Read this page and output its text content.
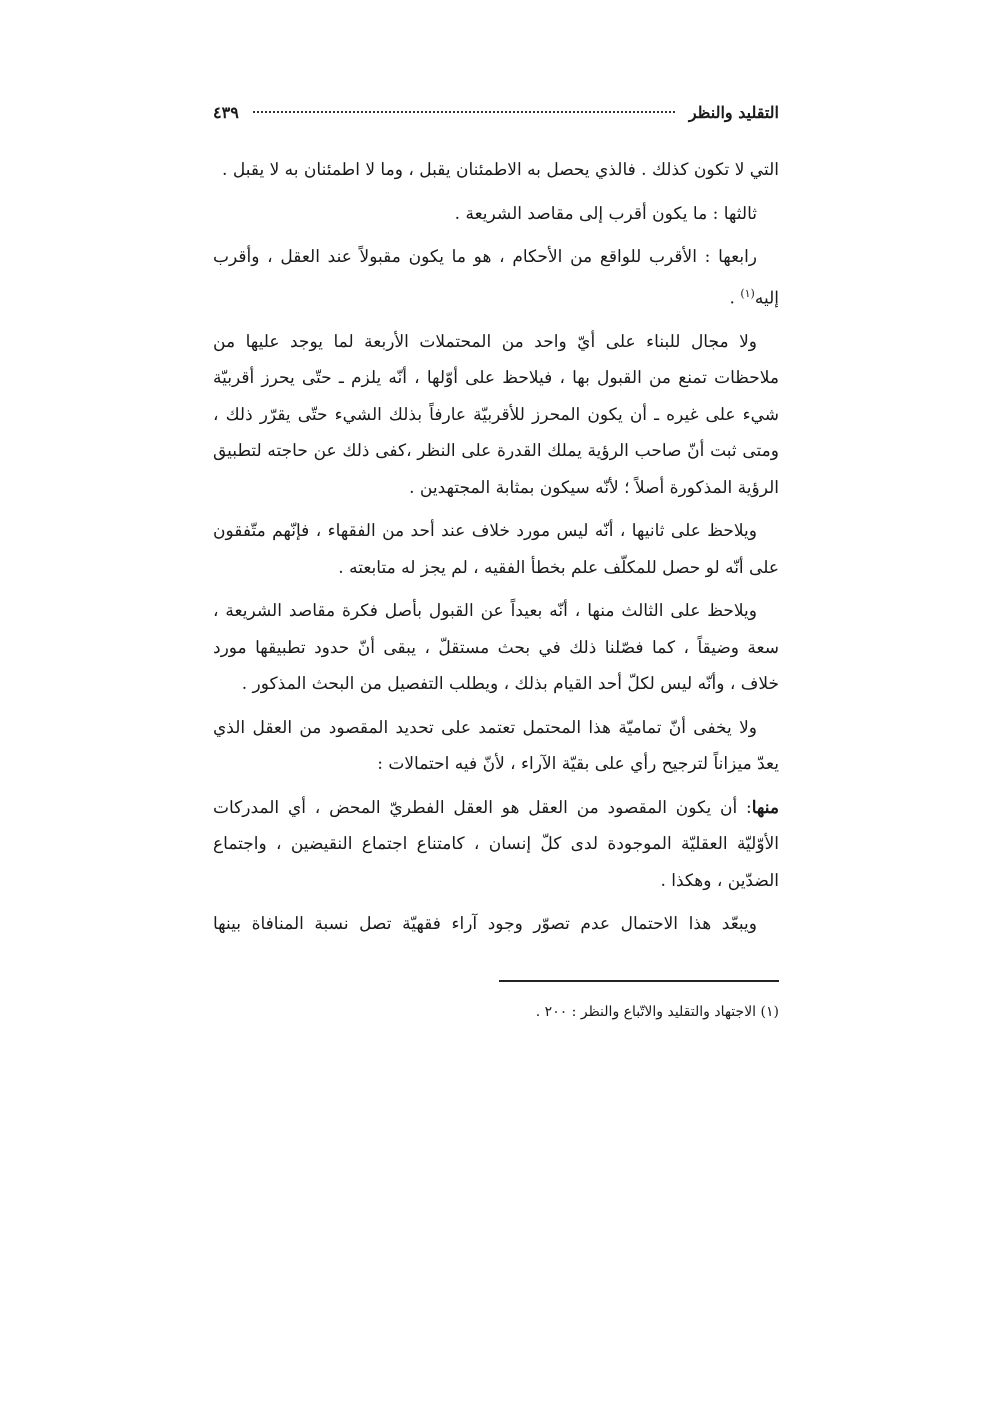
التقليد والنظر
٤٣٩

التي لا تكون كذلك . فالذي يحصل به الاطمئنان يقبل ، وما لا اطمئنان به لا يقبل .

ثالثها : ما يكون أقرب إلى مقاصد الشريعة .

رابعها : الأقرب للواقع من الأحكام ، هو ما يكون مقبولاً عند العقل ، وأقرب إليه$^{(١)}$ .

ولا مجال للبناء على أيّ واحد من المحتملات الأربعة لما يوجد عليها من ملاحظات تمنع من القبول بها ، فيلاحظ على أوّلها ، أنّه يلزم ـ حتّى يحرز أقربيّة شيء على غيره ـ أن يكون المحرز للأقربيّة عارفاً بذلك الشيء حتّى يقرّر ذلك ، ومتى ثبت أنّ صاحب الرؤية يملك القدرة على النظر ،كفى ذلك عن حاجته لتطبيق الرؤية المذكورة أصلاً ؛ لأنّه سيكون بمثابة المجتهدين .

ويلاحظ على ثانيها ، أنّه ليس مورد خلاف عند أحد من الفقهاء ، فإنّهم متّفقون على أنّه لو حصل للمكلّف علم بخطأ الفقيه ، لم يجز له متابعته .

ويلاحظ على الثالث منها ، أنّه بعيداً عن القبول بأصل فكرة مقاصد الشريعة ، سعة وضيقاً ، كما فصّلنا ذلك في بحث مستقلّ ، يبقى أنّ حدود تطبيقها مورد خلاف ، وأنّه ليس لكلّ أحد القيام بذلك ، ويطلب التفصيل من البحث المذكور .

ولا يخفى أنّ تماميّة هذا المحتمل تعتمد على تحديد المقصود من العقل الذي يعدّ ميزاناً لترجيح رأي على بقيّة الآراء ، لأنّ فيه احتمالات :

منها: أن يكون المقصود من العقل هو العقل الفطريّ المحض ، أي المدركات الأوّليّة العقليّة الموجودة لدى كلّ إنسان ، كامتناع اجتماع النقيضين ، واجتماع الضدّين ، وهكذا .

ويبعّد هذا الاحتمال عدم تصوّر وجود آراء فقهيّة تصل نسبة المنافاة بينها

(١) الاجتهاد والتقليد والاتّباع والنظر : ٢٠٠ .
